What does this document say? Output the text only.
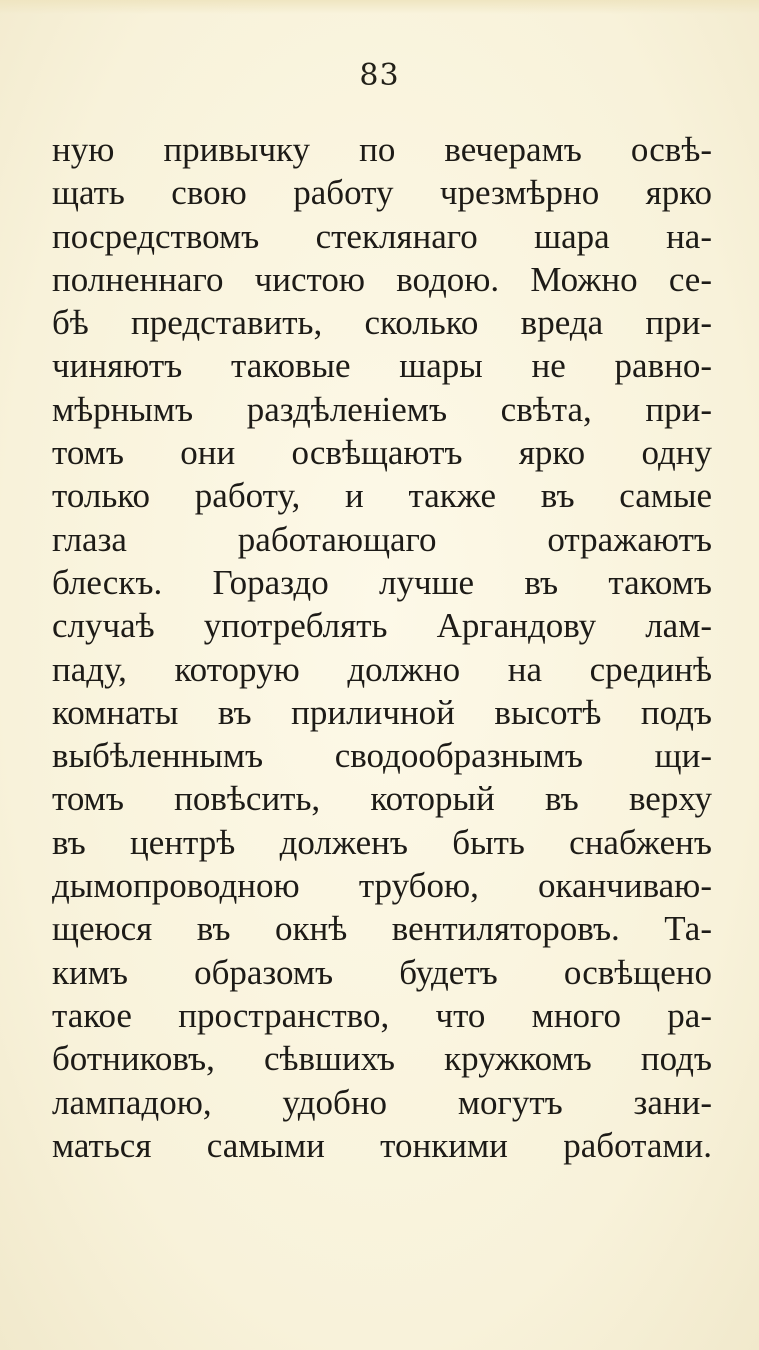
83
ную привычку по вечерамъ освѣ-
щать свою работу чрезмѣрно ярко
посредствомъ стеклянаго шара на-
полненнаго чистою водою. Можно се-
бѣ представить, сколько вреда при-
чиняютъ таковые шары не равно-
мѣрнымъ раздѣленiемъ свѣта, при-
томъ они освѣщаютъ ярко одну
только работу, и также въ самые
глаза работающаго отражаютъ
блескъ. Гораздо лучше въ такомъ
случаѣ употреблять Аргандову лам-
паду, которую должно на срединѣ
комнаты въ приличной высотѣ подъ
выбѣленнымъ сводообразнымъ щи-
томъ повѣсить, который въ верху
въ центрѣ долженъ быть снабженъ
дымопроводною трубою, оканчиваю-
щеюся въ окнѣ вентиляторовъ. Та-
кимъ образомъ будетъ освѣщено
такое пространство, что много ра-
ботниковъ, сѣвшихъ кружкомъ подъ
лампадою, удобно могутъ зани-
маться самыми тонкими работами.
